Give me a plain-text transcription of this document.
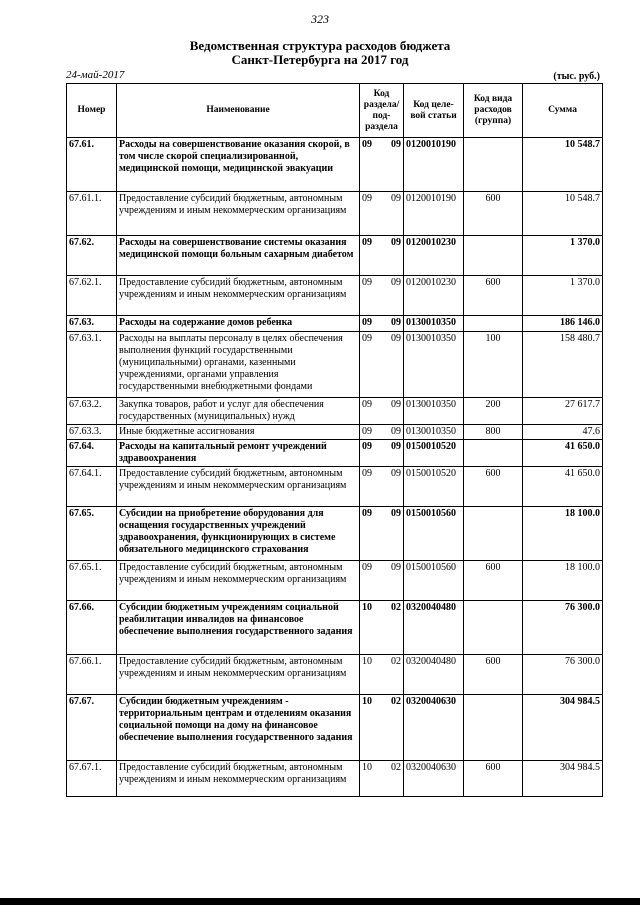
323
Ведомственная структура расходов бюджета
Санкт-Петербурга на 2017 год
24-май-2017	(тыс. руб.)
Номер	Наименование	Код раздела/ под- раздела		Код целе- вой статьи	Код вида расходов (группа)	Сумма
67.61.	Расходы на совершенствование оказания скорой, в том числе скорой специализированной, медицинской помощи, медицинской эвакуации	09	09	0120010190		10 548.7
67.61.1.	Предоставление субсидий бюджетным, автономным учреждениям и иным некоммерческим организациям	09	09	0120010190	600	10 548.7
67.62.	Расходы на совершенствование системы оказания медицинской помощи больным сахарным диабетом	09	09	0120010230		1 370.0
67.62.1.	Предоставление субсидий бюджетным, автономным учреждениям и иным некоммерческим организациям	09	09	0120010230	600	1 370.0
67.63.	Расходы на содержание домов ребенка	09	09	0130010350		186 146.0
67.63.1.	Расходы на выплаты персоналу в целях обеспечения выполнения функций государственными (муниципальными) органами, казенными учреждениями, органами управления государственными внебюджетными фондами	09	09	0130010350	100	158 480.7
67.63.2.	Закупка товаров, работ и услуг для обеспечения государственных (муниципальных) нужд	09	09	0130010350	200	27 617.7
67.63.3.	Иные бюджетные ассигнования	09	09	0130010350	800	47.6
67.64.	Расходы на капитальный ремонт учреждений здравоохранения	09	09	0150010520		41 650.0
67.64.1.	Предоставление субсидий бюджетным, автономным учреждениям и иным некоммерческим организациям	09	09	0150010520	600	41 650.0
67.65.	Субсидии на приобретение оборудования для оснащения государственных учреждений здравоохранения, функционирующих в системе обязательного медицинского страхования	09	09	0150010560		18 100.0
67.65.1.	Предоставление субсидий бюджетным, автономным учреждениям и иным некоммерческим организациям	09	09	0150010560	600	18 100.0
67.66.	Субсидии бюджетным учреждениям социальной реабилитации инвалидов на финансовое обеспечение выполнения государственного задания	10	02	0320040480		76 300.0
67.66.1.	Предоставление субсидий бюджетным, автономным учреждениям и иным некоммерческим организациям	10	02	0320040480	600	76 300.0
67.67.	Субсидии бюджетным учреждениям - территориальным центрам и отделениям оказания социальной помощи на дому на финансовое обеспечение выполнения государственного задания	10	02	0320040630		304 984.5
67.67.1.	Предоставление субсидий бюджетным, автономным учреждениям и иным некоммерческим организациям	10	02	0320040630	600	304 984.5
